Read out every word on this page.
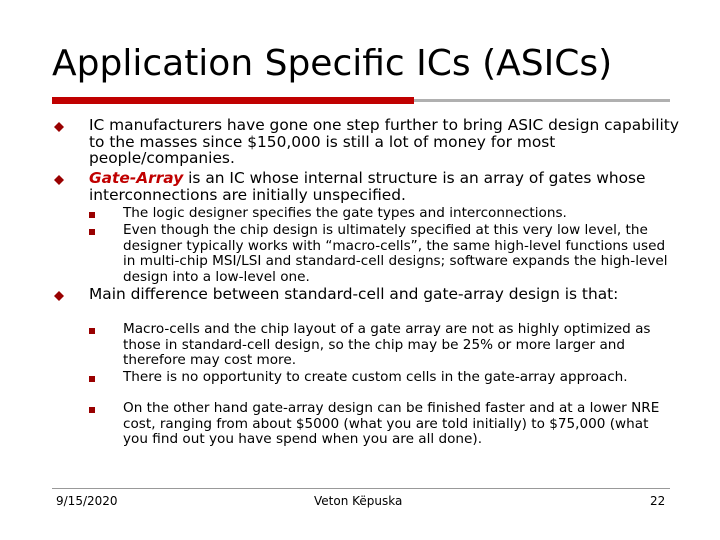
Application Specific ICs (ASICs)
IC manufacturers have gone one step further to bring ASIC design capability to the masses since $150,000 is still a lot of money for most people/companies.
Gate-Array is an IC whose internal structure is an array of gates whose interconnections are initially unspecified.
The logic designer specifies the gate types and interconnections.
Even though the chip design is ultimately specified at this very low level, the designer typically works with “macro-cells”, the same high-level functions used in multi-chip MSI/LSI and standard-cell designs; software expands the high-level design into a low-level one.
Main difference between standard-cell and gate-array design is that:
Macro-cells and the chip layout of a gate array are not as highly optimized as those in standard-cell design, so the chip may be 25% or more larger and therefore may cost more.
There is no opportunity to create custom cells in the gate-array approach.
On the other hand gate-array design can be finished faster and at a lower NRE cost, ranging from about $5000 (what you are told initially) to $75,000 (what you find out you have spend when you are all done).
9/15/2020	Veton Këpuska	22
